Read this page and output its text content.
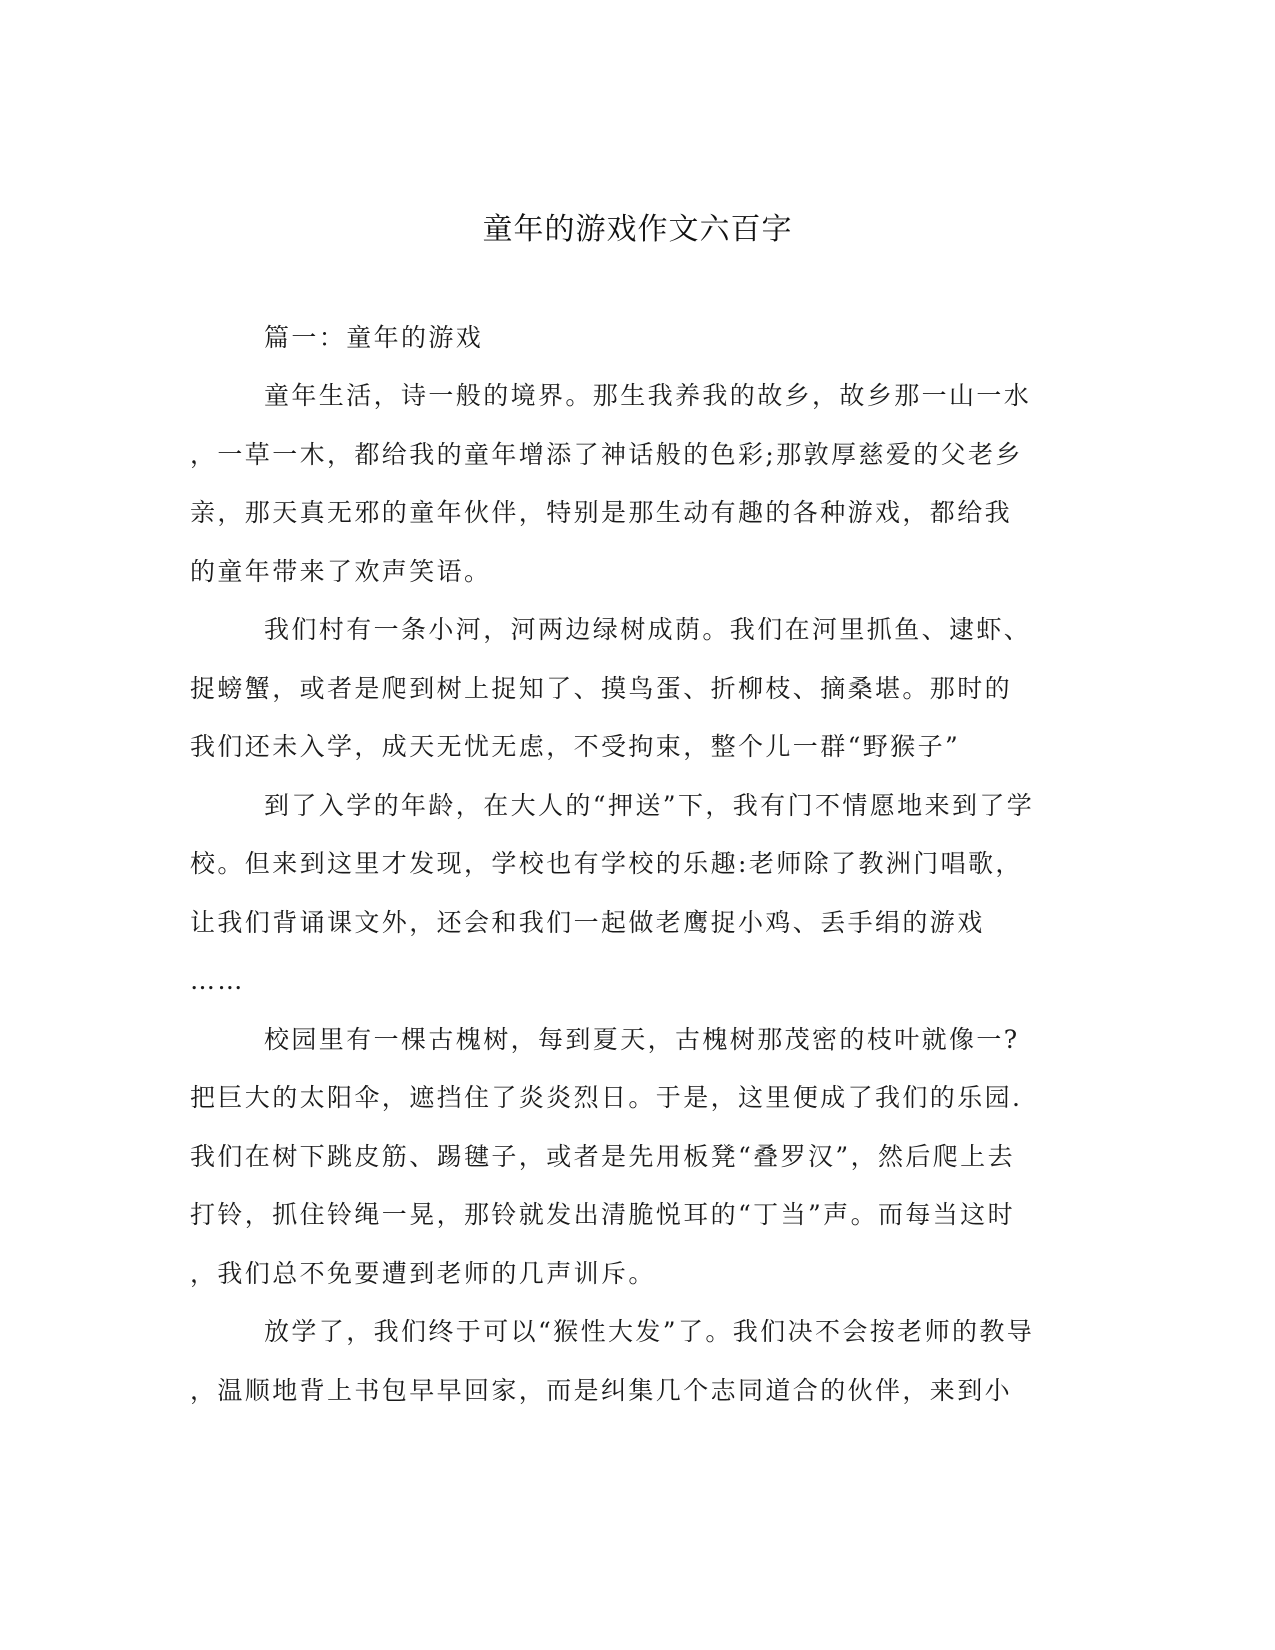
童年的游戏作文六百字

篇一：童年的游戏

童年生活，诗一般的境界。那生我养我的故乡，故乡那一山一水

，一草一木，都给我的童年增添了神话般的色彩;那敦厚慈爱的父老乡

亲，那天真无邪的童年伙伴，特别是那生动有趣的各种游戏，都给我

的童年带来了欢声笑语。

我们村有一条小河，河两边绿树成荫。我们在河里抓鱼、逮虾、

捉螃蟹，或者是爬到树上捉知了、摸鸟蛋、折柳枝、摘桑堪。那时的

我们还未入学，成天无忧无虑，不受拘束，整个儿一群“野猴子”

到了入学的年龄，在大人的“押送”下，我有门不情愿地来到了学

校。但来到这里才发现，学校也有学校的乐趣:老师除了教洲门唱歌，

让我们背诵课文外，还会和我们一起做老鹰捉小鸡、丢手绢的游戏

……

校园里有一棵古槐树，每到夏天，古槐树那茂密的枝叶就像一?

把巨大的太阳伞，遮挡住了炎炎烈日。于是，这里便成了我们的乐园.

我们在树下跳皮筋、踢毽子，或者是先用板凳“叠罗汉”，然后爬上去

打铃，抓住铃绳一晃，那铃就发出清脆悦耳的“丁当”声。而每当这时

，我们总不免要遭到老师的几声训斥。

放学了，我们终于可以“猴性大发”了。我们决不会按老师的教导

，温顺地背上书包早早回家，而是纠集几个志同道合的伙伴，来到小
